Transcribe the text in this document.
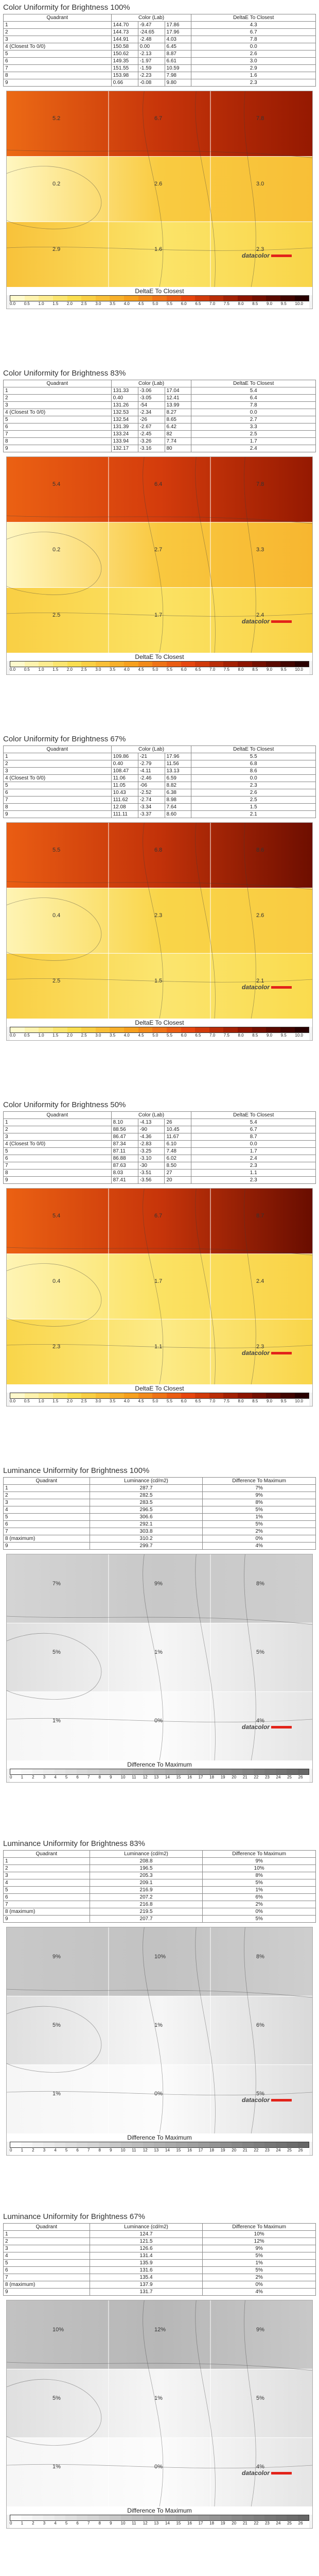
Color Uniformity for Brightness 100%
Quadrant	Color (Lab)			DeltaE To Closest
1	144.70	-9.47	17.86	4.3
2	144.73	-24.65	17.96	6.7
3	144.91	-2.48	4.03	7.8
4 (Closest To 0/0)	150.58	0.00	6.45	0.0
5	150.62	-2.13	8.87	2.6
6	149.35	-1.97	6.61	3.0
7	151.55	-1.59	10.59	2.9
8	153.98	-2.23	7.98	1.6
9	0.66	-0.08	9.80	2.3
5.2	6.7	7.8
0.2	2.6	3.0
2.9	1.6	2.3
datacolor
DeltaE To Closest
0.0	0.5	1.0	1.5	2.0	2.5	3.0	3.5	4.0	4.5	5.0	5.5	6.0	6.5	7.0	7.5	8.0	8.5	9.0	9.5	10.0
Color Uniformity for Brightness 83%
Quadrant	Color (Lab)			DeltaE To Closest
1	131.33	-3.06	17.04	5.4
2	0.40	-3.05	12.41	6.4
3	131.26	-54	13.99	7.8
4 (Closest To 0/0)	132.53	-2.34	8.27	0.0
5	132.54	-26	8.65	2.7
6	131.39	-2.67	6.42	3.3
7	133.24	-2.45	82	2.5
8	133.94	-3.26	7.74	1.7
9	132.17	-3.16	80	2.4
5.4	6.4	7.8
0.2	2.7	3.3
2.5	1.7	2.4
datacolor
DeltaE To Closest
0.0	0.5	1.0	1.5	2.0	2.5	3.0	3.5	4.0	4.5	5.0	5.5	6.0	6.5	7.0	7.5	8.0	8.5	9.0	9.5	10.0
Color Uniformity for Brightness 67%
Quadrant	Color (Lab)			DeltaE To Closest
1	109.86	-21	17.96	5.5
2	0.40	-2.79	11.56	6.8
3	108.47	-4.11	13.13	8.6
4 (Closest To 0/0)	11.06	-2.46	6.59	0.0
5	11.05	-06	8.82	2.3
6	10.43	-2.52	6.38	2.6
7	111.62	-2.74	8.98	2.5
8	12.08	-3.34	7.64	1.5
9	111.11	-3.37	8.60	2.1
5.5	6.8	8.6
0.4	2.3	2.6
2.5	1.5	2.1
datacolor
DeltaE To Closest
0.0	0.5	1.0	1.5	2.0	2.5	3.0	3.5	4.0	4.5	5.0	5.5	6.0	6.5	7.0	7.5	8.0	8.5	9.0	9.5	10.0
Color Uniformity for Brightness 50%
Quadrant	Color (Lab)			DeltaE To Closest
1	8.10	-4.13	26	5.4
2	88.56	-90	10.45	6.7
3	86.47	-4.36	11.67	8.7
4 (Closest To 0/0)	87.34	-2.83	6.10	0.0
5	87.11	-3.25	7.48	1.7
6	86.88	-3.10	6.02	2.4
7	87.63	-30	8.50	2.3
8	8.03	-3.51	27	1.1
9	87.41	-3.56	20	2.3
5.4	6.7	8.7
0.4	1.7	2.4
2.3	1.1	2.3
datacolor
DeltaE To Closest
0.0	0.5	1.0	1.5	2.0	2.5	3.0	3.5	4.0	4.5	5.0	5.5	6.0	6.5	7.0	7.5	8.0	8.5	9.0	9.5	10.0
Luminance Uniformity for Brightness 100%
Quadrant	Luminance (cd/m2)	Difference To Maximum
1	287.7	7%
2	282.5	9%
3	283.5	8%
4	296.5	5%
5	306.6	1%
6	292.1	5%
7	303.8	2%
8 (maximum)	310.2	0%
9	299.7	4%
7%	9%	8%
5%	1%	5%
1%	0%	4%
datacolor
Difference To Maximum
0	1	2	3	4	5	6	7	8	9	10	11	12	13	14	15	16	17	18	19	20	21	22	23	24	25	26
Luminance Uniformity for Brightness 83%
Quadrant	Luminance (cd/m2)	Difference To Maximum
1	208.8	9%
2	196.5	10%
3	205.3	8%
4	209.1	5%
5	216.9	1%
6	207.2	6%
7	216.8	2%
8 (maximum)	219.5	0%
9	207.7	5%
9%	10%	8%
5%	1%	6%
1%	0%	5%
datacolor
Difference To Maximum
0	1	2	3	4	5	6	7	8	9	10	11	12	13	14	15	16	17	18	19	20	21	22	23	24	25	26
Luminance Uniformity for Brightness 67%
Quadrant	Luminance (cd/m2)	Difference To Maximum
1	124.7	10%
2	121.5	12%
3	126.6	9%
4	131.4	5%
5	135.9	1%
6	131.6	5%
7	135.4	2%
8 (maximum)	137.9	0%
9	131.7	4%
10%	12%	9%
5%	1%	5%
1%	0%	4%
datacolor
Difference To Maximum
0	1	2	3	4	5	6	7	8	9	10	11	12	13	14	15	16	17	18	19	20	21	22	23	24	25	26
